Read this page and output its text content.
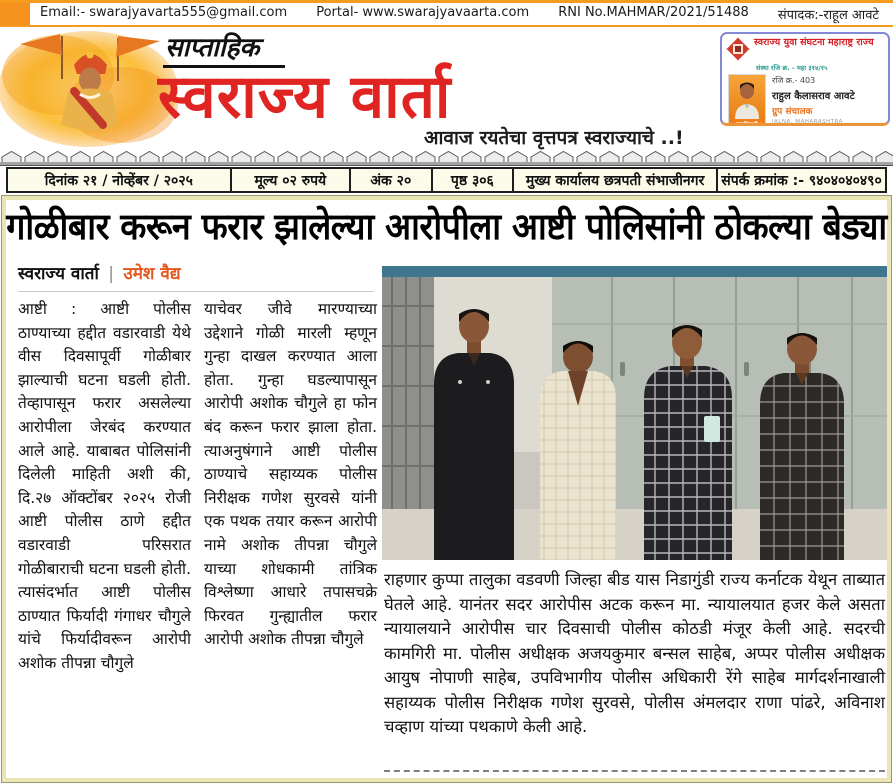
Email:- swarajyavarta555@gmail.com Portal- www.swarajyavaarta.com RNI No.MAHMAR/2021/51488 संपादक:-राहूल आवटे
साप्ताहिक
स्वराज्य वार्ता
आवाज रयतेचा वृत्तपत्र स्वराज्याचे ..!
स्वराज्य युवा संघटना महाराष्ट्र राज्य
संस्था रजि क्र. - महा ३१४/१५
पदाधिकारी
रजि क्र.- 403
राहुल कैलासराव आवटे
ग्रुप संचालक
JALNA, MAHARASHTRA
दिनांक २१ / नोव्हेंबर / २०२५	मूल्य ०२ रुपये	अंक २०	पृष्ठ ३०६	मुख्य कार्यालय छत्रपती संभाजीनगर	संपर्क क्रमांक :- ९४०४०४०४९०
गोळीबार करून फरार झालेल्या आरोपीला आष्टी पोलिसांनी ठोकल्या बेड्या
स्वराज्य वार्ता | उमेश वैद्य
आष्टी : आष्टी पोलीस ठाण्याच्या हद्दीत वडारवाडी येथे वीस दिवसापूर्वी गोळीबार झाल्याची घटना घडली होती. तेव्हापासून फरार असलेल्या आरोपीला जेरबंद करण्यात आले आहे. याबाबत पोलिसांनी दिलेली माहिती अशी की, दि.२७ ऑक्टोंबर २०२५ रोजी आष्टी पोलीस ठाणे हद्दीत वडारवाडी परिसरात गोळीबाराची घटना घडली होती. त्यासंदर्भात आष्टी पोलीस ठाण्यात फिर्यादी गंगाधर चौगुले यांचे फिर्यादीवरून आरोपी अशोक तीपन्ना चौगुले
याचेवर जीवे मारण्याच्या उद्देशाने गोळी मारली म्हणून गुन्हा दाखल करण्यात आला होता. गुन्हा घडल्यापासून आरोपी अशोक चौगुले हा फोन बंद करून फरार झाला होता. त्याअनुषंगाने आष्टी पोलीस ठाण्याचे सहाय्यक पोलीस निरीक्षक गणेश सुरवसे यांनी एक पथक तयार करून आरोपी नामे अशोक तीपन्ना चौगुले याच्या शोधकामी तांत्रिक विश्लेष्णा आधारे तपासचक्रे फिरवत गुन्ह्यातील फरार आरोपी अशोक तीपन्ना चौगुले
राहणार कुप्पा तालुका वडवणी जिल्हा बीड यास निडागुंडी राज्य कर्नाटक येथून ताब्यात घेतले आहे. यानंतर सदर आरोपीस अटक करून मा. न्यायालयात हजर केले असता न्यायालयाने आरोपीस चार दिवसाची पोलीस कोठडी मंजूर केली आहे. सदरची कामगिरी मा. पोलीस अधीक्षक अजयकुमार बन्सल साहेब, अप्पर पोलीस अधीक्षक आयुष नोपाणी साहेब, उपविभागीय पोलीस अधिकारी रेंगे साहेब मार्गदर्शनाखाली सहाय्यक पोलीस निरीक्षक गणेश सुरवसे, पोलीस अंमलदार राणा पांढरे, अविनाश चव्हाण यांच्या पथकाणे केली आहे.
